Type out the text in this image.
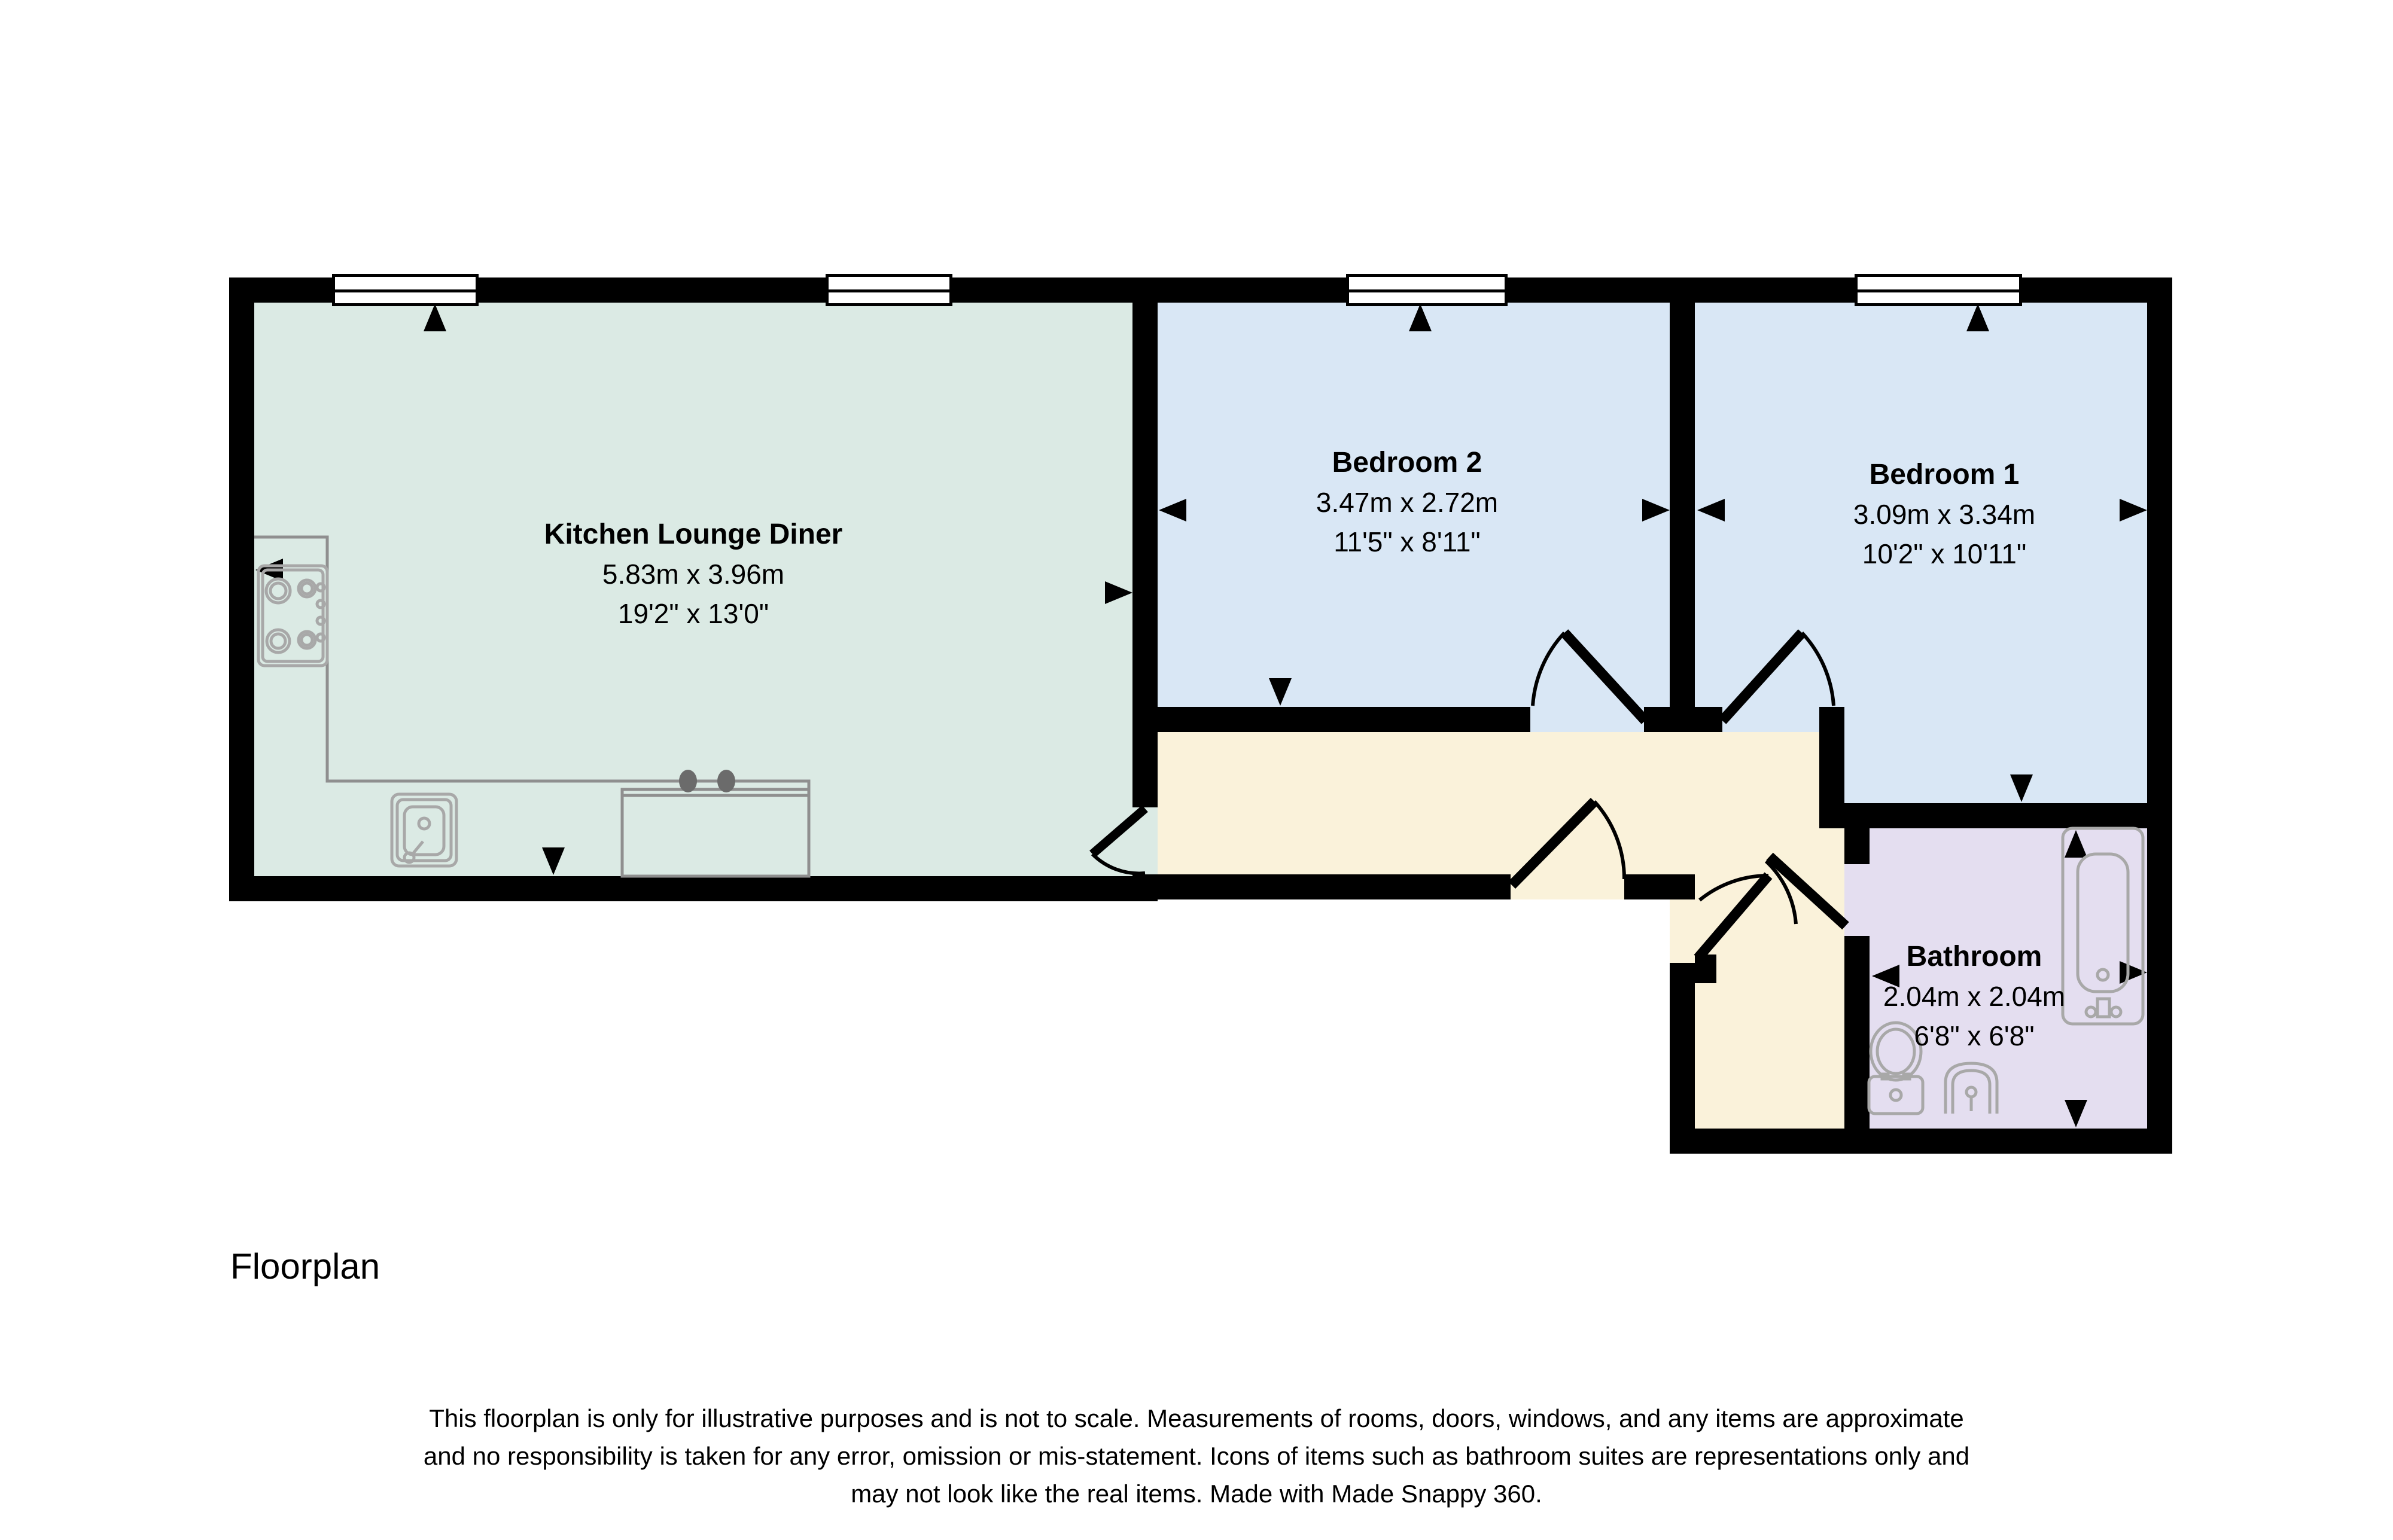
Kitchen Lounge Diner
5.83m x 3.96m
19'2" x 13'0"
Bedroom 2
3.47m x 2.72m
11'5" x 8'11"
Bedroom 1
3.09m x 3.34m
10'2" x 10'11"
Bathroom
2.04m x 2.04m
6'8" x 6'8"
Floorplan
This floorplan is only for illustrative purposes and is not to scale. Measurements of rooms, doors, windows, and any items are approximate
and no responsibility is taken for any error, omission or mis-statement. Icons of items such as bathroom suites are representations only and
may not look like the real items. Made with Made Snappy 360.
